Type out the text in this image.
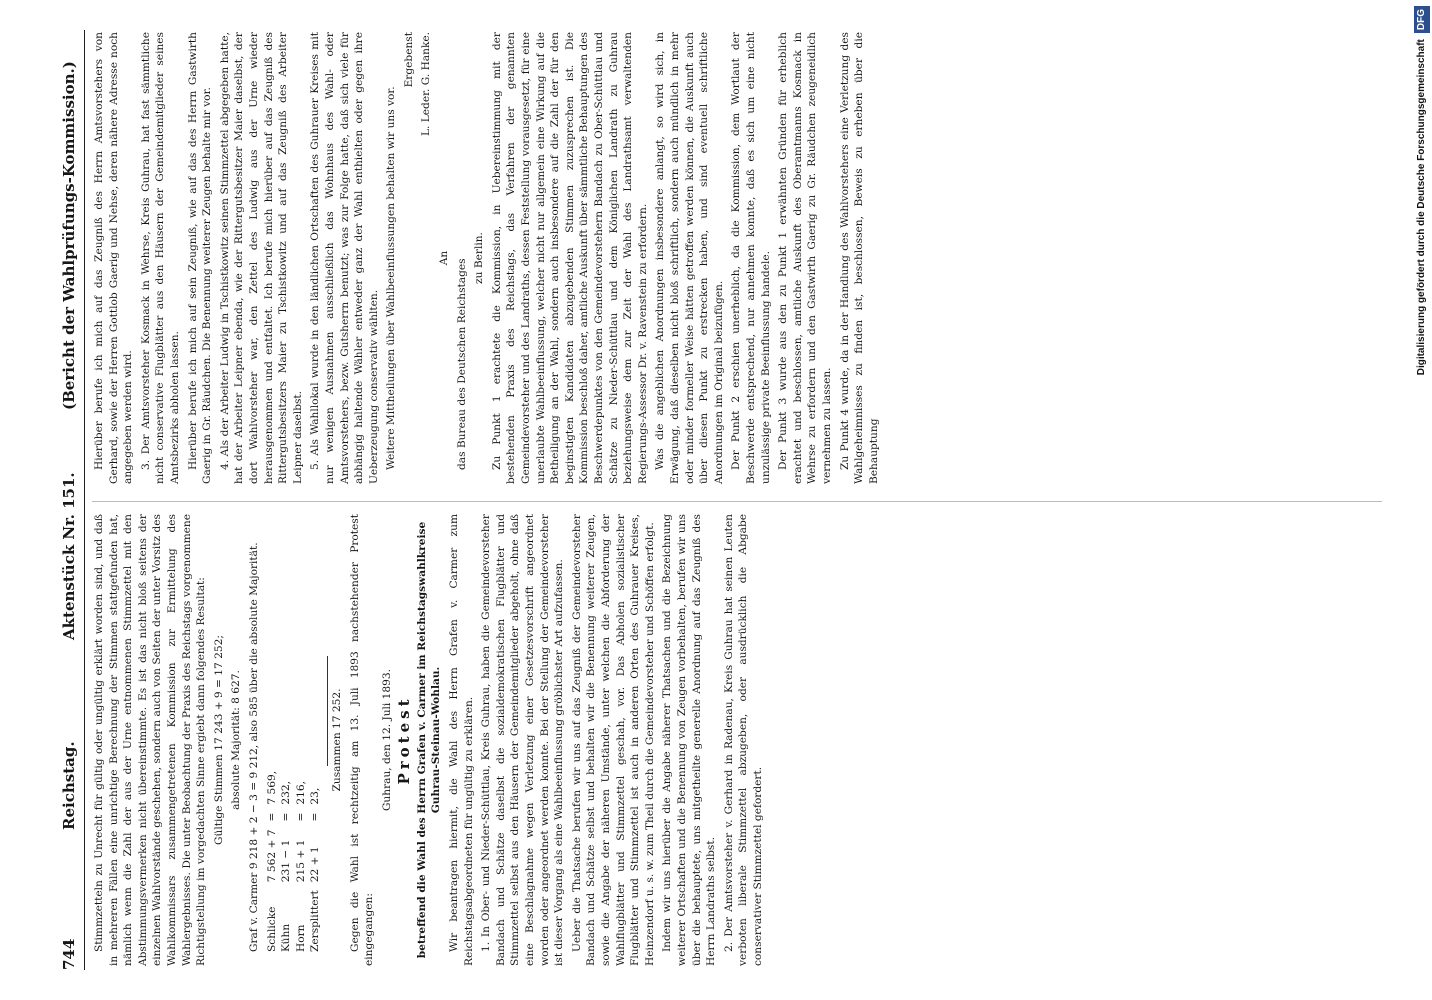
744
Reichstag.
Aktenstück Nr. 151.
(Bericht der Wahlprüfungs-Kommission.)

Stimmzetteln zu Unrecht für gültig oder ungültig erklärt worden sind, und daß in mehreren Fällen eine unrichtige Berechnung der Stimmen stattgefunden hat, nämlich wenn die Zahl der aus der Urne entnommenen Stimmzettel mit den Abstimmungsvermerken nicht übereinstimmte. Es ist das nicht bloß seitens der einzelnen Wahlvorstände geschehen, sondern auch von Seiten der unter Vorsitz des Wahlkommissars zusammengetretenen Kommission zur Ermittelung des Wahlergebnisses. Die unter Beobachtung der Praxis des Reichstags vorgenommene Richtigstellung im vorgedachten Sinne ergiebt dann folgendes Resultat: Gültige Stimmen 17 243 + 9 = 17 252; absolute Majorität: 8 627. Graf v. Carmer 9 218 + 2 − 3 = 9 212, also 585 über die absolute Majorität. Schlicke	7 562 + 7	=	7 569,
Kühn	231 − 1	=	232,
Horn	215 + 1	=	216,
Zersplittert	22 + 1	=	23,

Zusammen 17 252. Gegen die Wahl ist rechtzeitig am 13. Juli 1893 nachstehender Protest eingegangen:

Guhrau, den 12. Juli 1893. Protest betreffend die Wahl des Herrn Grafen v. Carmer im Reichstagswahlkreise Guhrau-Steinau-Wohlau. Wir beantragen hiermit, die Wahl des Herrn Grafen v. Carmer zum Reichstagsabgeordneten für ungültig zu erklären. 1. In Ober- und Nieder-Schüttlau, Kreis Guhrau, haben die Gemeindevorsteher Bandach und Schätze daselbst die sozialdemokratischen Flugblätter und Stimmzettel selbst aus den Häusern der Gemeindemitglieder abgeholt, ohne daß eine Beschlagnahme wegen Verletzung einer Gesetzesvorschrift angeordnet worden oder angeordnet werden konnte. Bei der Stellung der Gemeindevorsteher ist dieser Vorgang als eine Wahlbeeinflussung gröblichster Art aufzufassen. Ueber die Thatsache berufen wir uns auf das Zeugniß der Gemeindevorsteher Bandach und Schätze selbst und behalten wir die Benennung weiterer Zeugen, sowie die Angabe der näheren Umstände, unter welchen die Abforderung der Wahlflugblätter und Stimmzettel geschah, vor. Das Abholen sozialistischer Flugblätter und Stimmzettel ist auch in anderen Orten des Guhrauer Kreises, Heinzendorf u. s. w. zum Theil durch die Gemeindevorsteher und Schöffen erfolgt. Indem wir uns hierüber die Angabe näherer Thatsachen und die Bezeichnung weiterer Ortschaften und die Benennung von Zeugen vorbehalten, berufen wir uns über die behauptete, uns mitgetheilte generelle Anordnung auf das Zeugniß des Herrn Landraths selbst. 2. Der Amtsvorsteher v. Gerhard in Radenau, Kreis Guhrau hat seinen Leuten verboten liberale Stimmzettel abzugeben, oder ausdrücklich die Abgabe conservativer Stimmzettel gefordert.

Hierüber berufe ich mich auf das Zeugniß des Herrn Amtsvorstehers von Gerhard, sowie der Herren Gottlob Gaerig und Nehse, deren nähere Adresse noch angegeben werden wird. 3. Der Amtsvorsteher Kosmack in Wehrse, Kreis Guhrau, hat fast sämmtliche nicht conservative Flugblätter aus den Häusern der Gemeindemitglieder seines Amtsbezirks abholen lassen. Hierüber berufe ich mich auf sein Zeugniß, wie auf das des Herrn Gastwirth Gaerig in Gr. Räudchen. Die Benennung weiterer Zeugen behalte mir vor. 4. Als der Arbeiter Ludwig in Tschistkowitz seinen Stimmzettel abgegeben hatte, hat der Arbeiter Leipner ebenda, wie der Rittergutsbesitzer Maier daselbst, der dort Wahlvorsteher war, den Zettel des Ludwig aus der Urne wieder herausgenommen und entfaltet. Ich berufe mich hierüber auf das Zeugniß des Rittergutsbesitzers Maier zu Tschistkowitz und auf das Zeugniß des Arbeiter Leipner daselbst. 5. Als Wahllokal wurde in den ländlichen Ortschaften des Guhrauer Kreises mit nur wenigen Ausnahmen ausschließlich das Wohnhaus des Wahl- oder Amtsvorstehers, bezw. Gutsherrn benutzt; was zur Folge hatte, daß sich viele für abhängig haltende Wähler entweder ganz der Wahl enthielten oder gegen ihre Ueberzeugung conservativ wählten. Weitere Mittheilungen über Wahlbeeinflussungen behalten wir uns vor.

Ergebenst L. Leder. G. Hanke.

An

das Bureau des Deutschen Reichstages

zu Berlin. Zu Punkt 1 erachtete die Kommission, in Uebereinstimmung mit der bestehenden Praxis des Reichstags, das Verfahren der genannten Gemeindevorsteher und des Landraths, dessen Feststellung vorausgesetzt, für eine unerlaubte Wahlbeeinflussung, welcher nicht nur allgemein eine Wirkung auf die Betheiligung an der Wahl, sondern auch insbesondere auf die Zahl der für den beginstigten Kandidaten abzugebenden Stimmen zuzusprechen ist. Die Kommission beschloß daher, amtliche Auskunft über sämmtliche Behauptungen des Beschwerdepunktes von den Gemeindevorstehern Bandach zu Ober-Schüttlau und Schätze zu Nieder-Schüttlau und dem Königlichen Landrath zu Guhrau beziehungsweise dem zur Zeit der Wahl des Landrathsamt verwaltenden Regierungs-Assessor Dr. v. Ravenstein zu erfordern. Was die angeblichen Anordnungen insbesondere anlangt, so wird sich, in Erwägung, daß dieselben nicht bloß schriftlich, sondern auch mündlich in mehr oder minder formeller Weise hätten getroffen werden können, die Auskunft auch über diesen Punkt zu erstrecken haben, und sind eventuell schriftliche Anordnungen im Original beizufügen. Der Punkt 2 erschien unerheblich, da die Kommission, dem Wortlaut der Beschwerde entsprechend, nur annehmen konnte, daß es sich um eine nicht unzulässige private Beeinflussung handele. Der Punkt 3 wurde aus den zu Punkt 1 erwähnten Gründen für erheblich erachtet und beschlossen, amtliche Auskunft des Oberamtmanns Kosmack in Wehrse zu erfordern und den Gastwirth Gaerig zu Gr. Räudchen zeugeneidlich vernehmen zu lassen. Zu Punkt 4 wurde, da in der Handlung des Wahlvorstehers eine Verletzung des Wahlgeheimnisses zu finden ist, beschlossen, Beweis zu erheben über die Behauptung

Digitalisierung gefördert durch die Deutsche ForschungsgemeinschaftDFG
